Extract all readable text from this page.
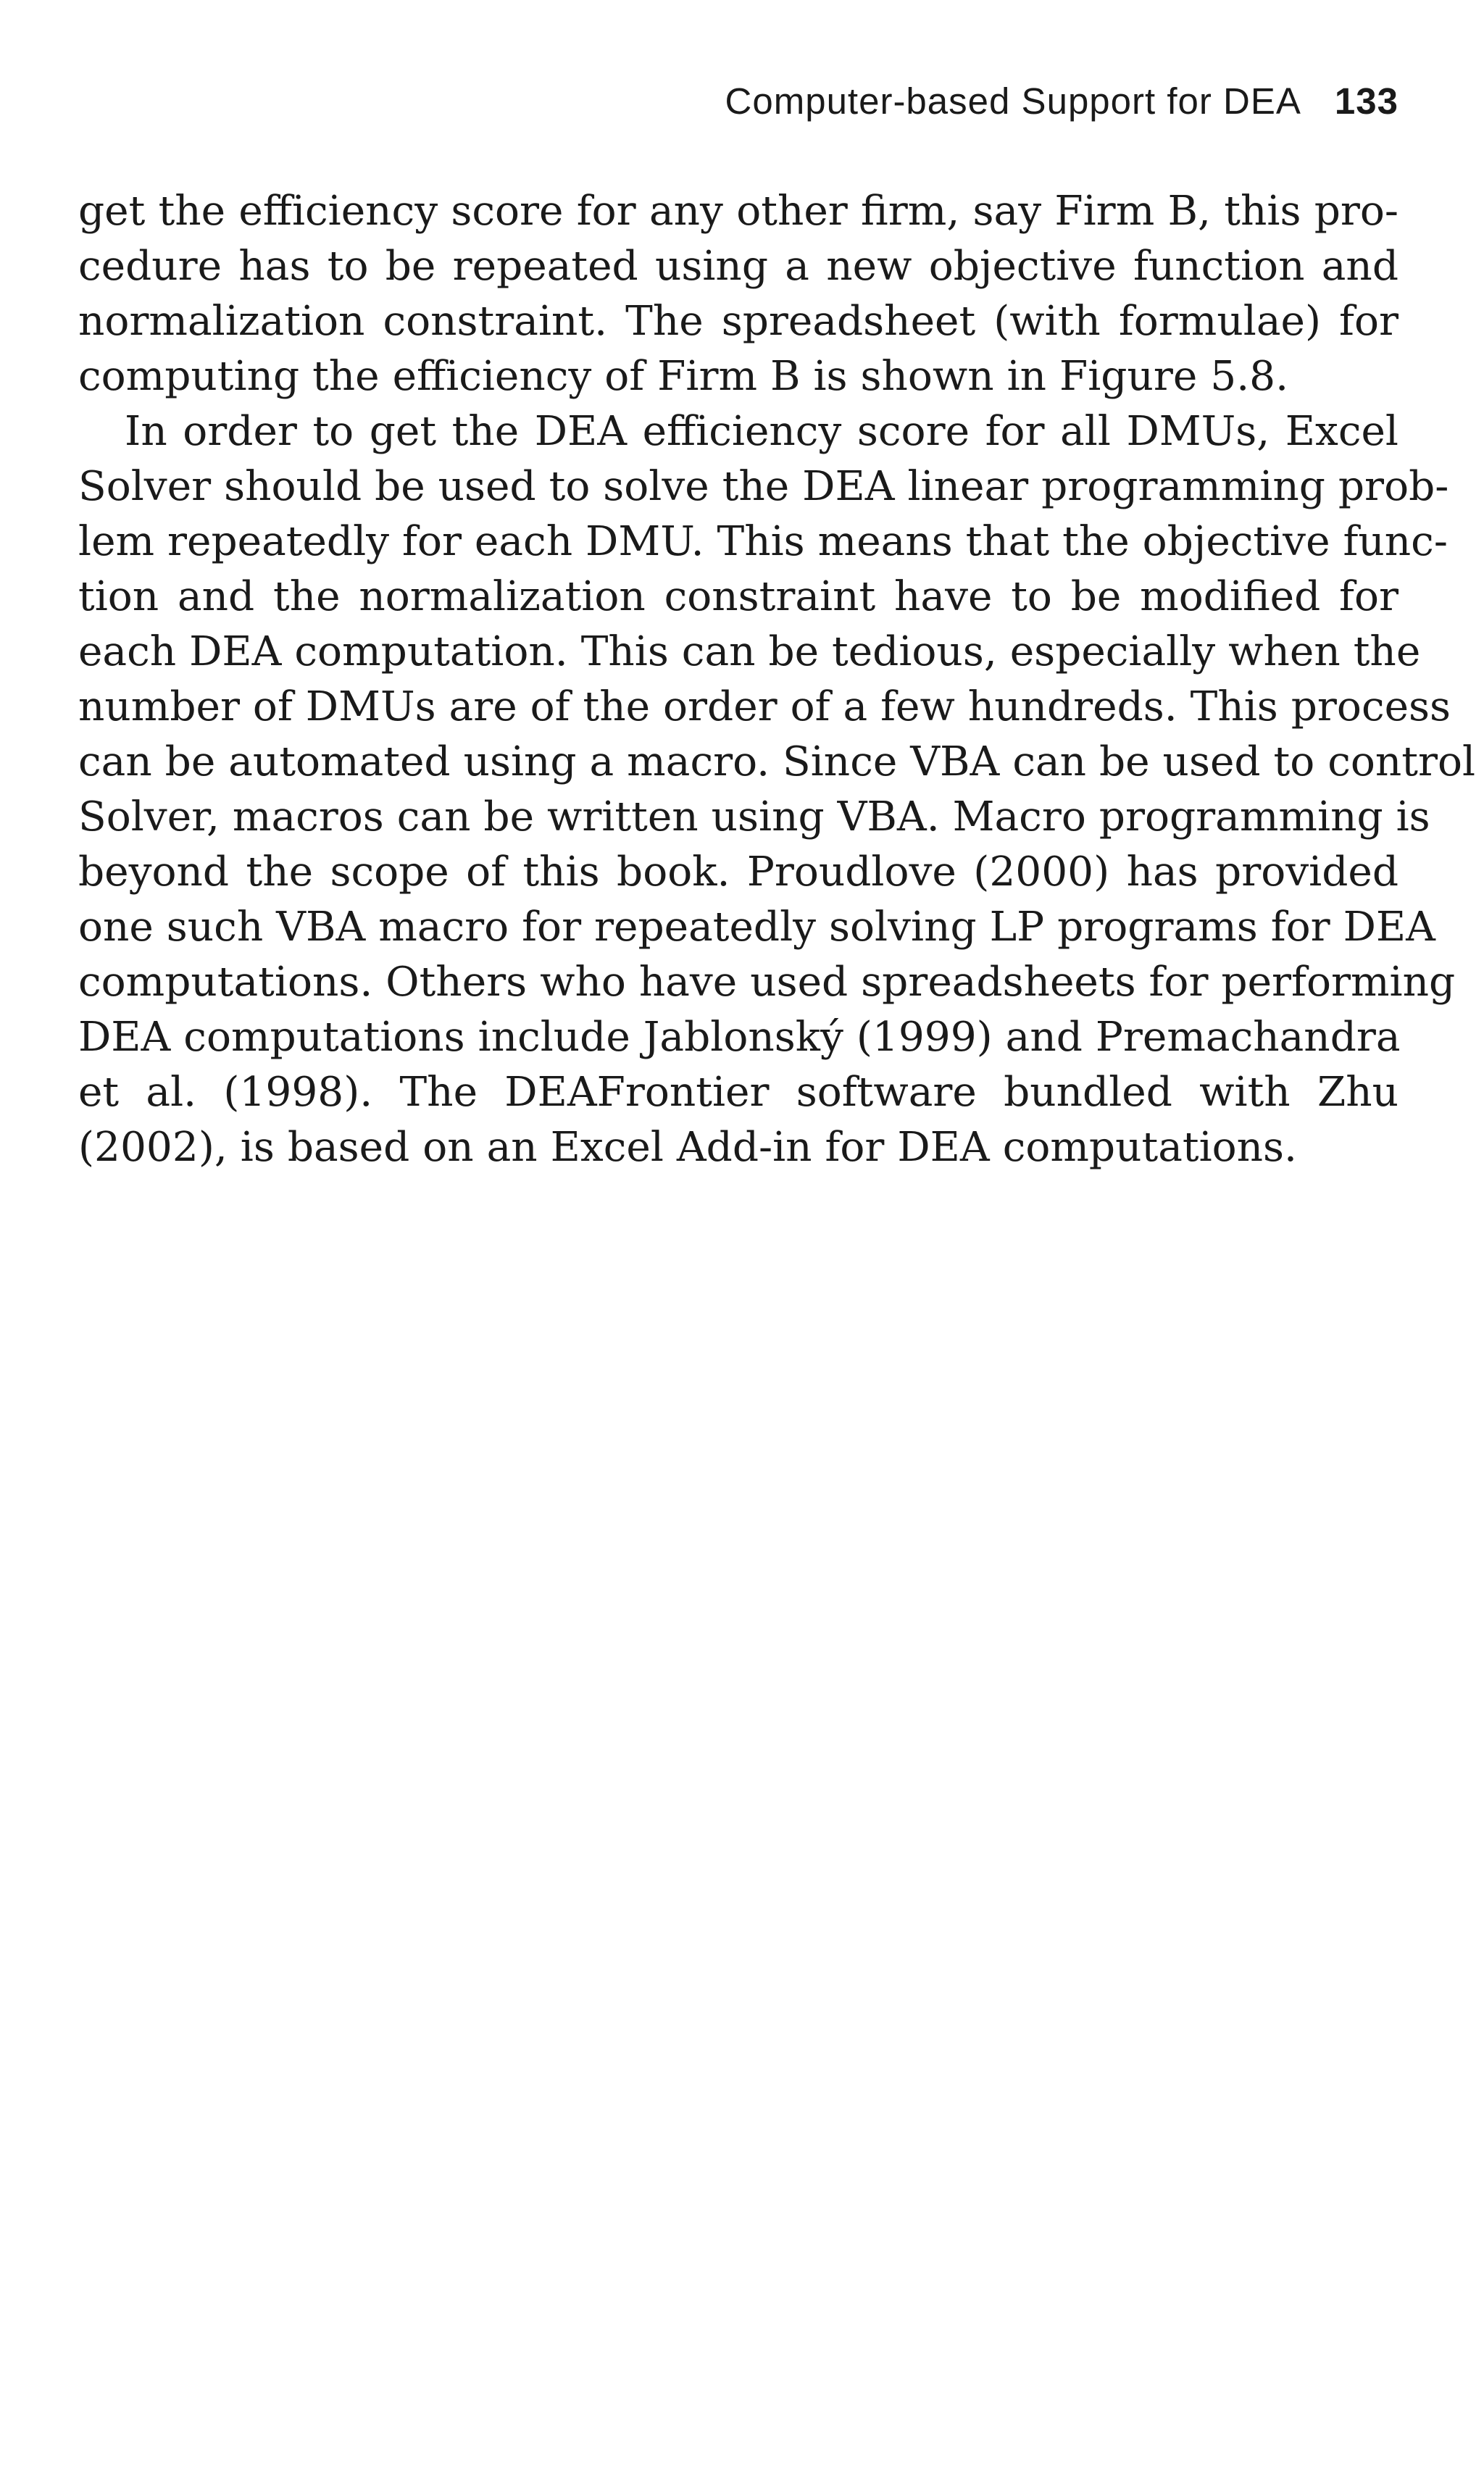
Computer-based Support for DEA 133
get the efficiency score for any other firm, say Firm B, this pro-
cedure has to be repeated using a new objective function and
normalization constraint. The spreadsheet (with formulae) for
computing the efficiency of Firm B is shown in Figure 5.8.
In order to get the DEA efficiency score for all DMUs, Excel
Solver should be used to solve the DEA linear programming prob-
lem repeatedly for each DMU. This means that the objective func-
tion and the normalization constraint have to be modified for
each DEA computation. This can be tedious, especially when the
number of DMUs are of the order of a few hundreds. This process
can be automated using a macro. Since VBA can be used to control
Solver, macros can be written using VBA. Macro programming is
beyond the scope of this book. Proudlove (2000) has provided
one such VBA macro for repeatedly solving LP programs for DEA
computations. Others who have used spreadsheets for performing
DEA computations include Jablonský (1999) and Premachandra
et al. (1998). The DEAFrontier software bundled with Zhu
(2002), is based on an Excel Add-in for DEA computations.
